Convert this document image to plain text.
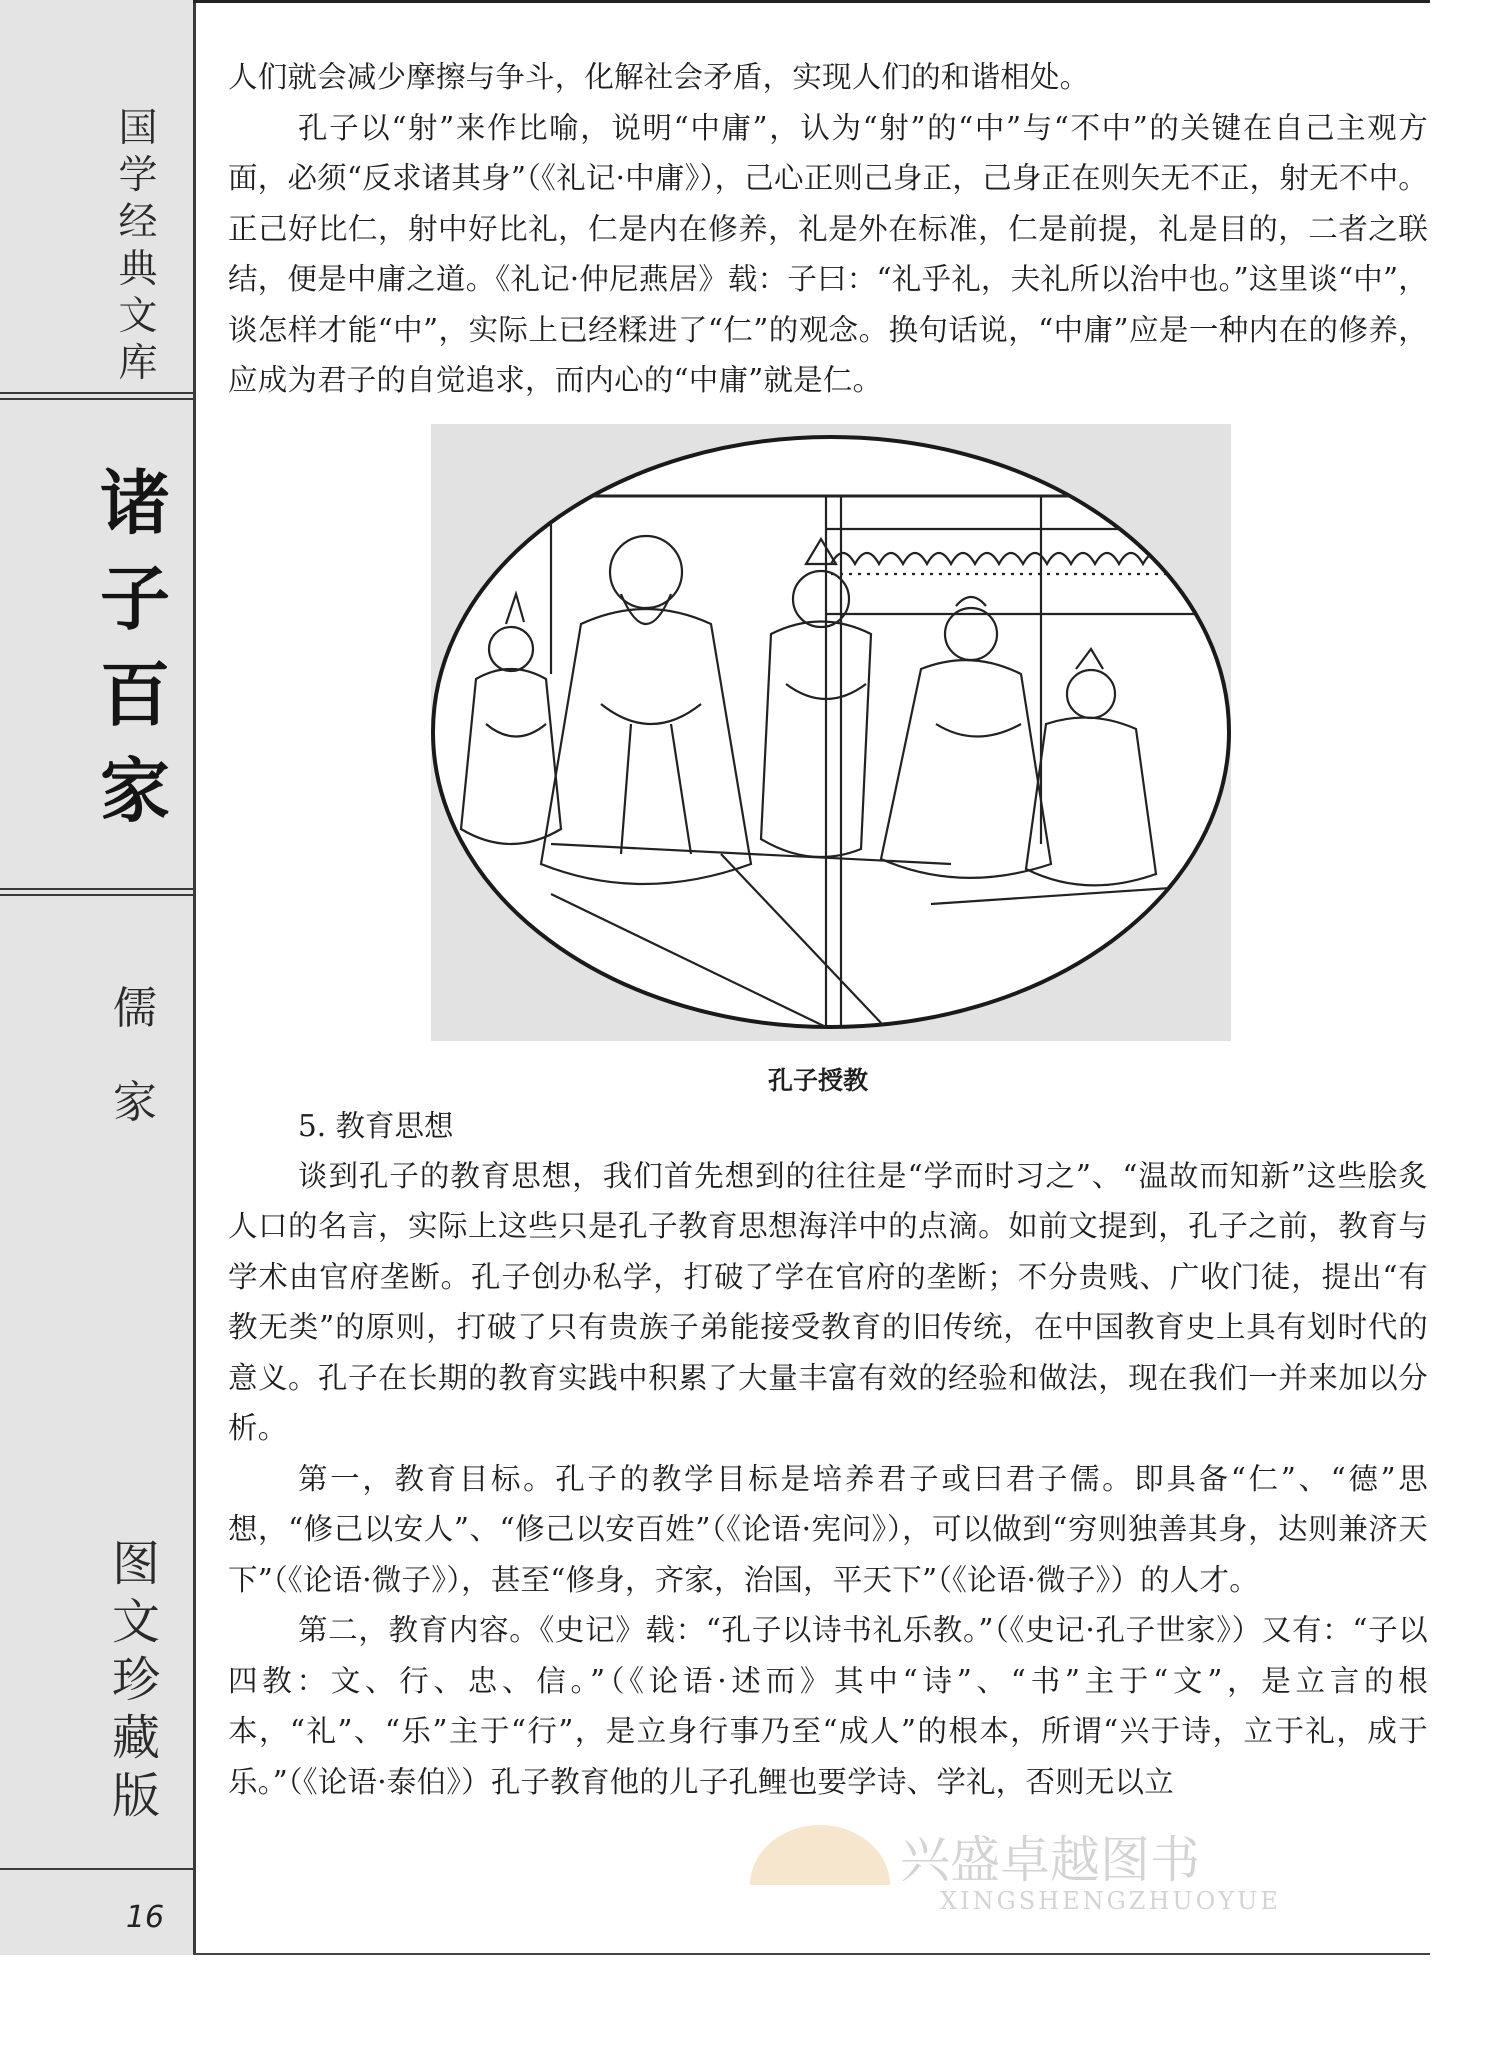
国学经典文库
诸子百家
儒家
图文珍藏版
16

人们就会减少摩擦与争斗，化解社会矛盾，实现人们的和谐相处。

孔子以“射”来作比喻，说明“中庸”，认为“射”的“中”与“不中”的关键在自己主观方面，必须“反求诸其身”（《礼记·中庸》），己心正则己身正，己身正在则矢无不正，射无不中。正己好比仁，射中好比礼，仁是内在修养，礼是外在标准，仁是前提，礼是目的，二者之联结，便是中庸之道。《礼记·仲尼燕居》载：子曰：“礼乎礼，夫礼所以治中也。”这里谈“中”，谈怎样才能“中”，实际上已经糅进了“仁”的观念。换句话说，“中庸”应是一种内在的修养，应成为君子的自觉追求，而内心的“中庸”就是仁。

孔子授教
5. 教育思想

谈到孔子的教育思想，我们首先想到的往往是“学而时习之”、“温故而知新”这些脍炙人口的名言，实际上这些只是孔子教育思想海洋中的点滴。如前文提到，孔子之前，教育与学术由官府垄断。孔子创办私学，打破了学在官府的垄断；不分贵贱、广收门徒，提出“有教无类”的原则，打破了只有贵族子弟能接受教育的旧传统，在中国教育史上具有划时代的意义。孔子在长期的教育实践中积累了大量丰富有效的经验和做法，现在我们一并来加以分析。

第一，教育目标。孔子的教学目标是培养君子或曰君子儒。即具备“仁”、“德”思想，“修己以安人”、“修己以安百姓”（《论语·宪问》），可以做到“穷则独善其身，达则兼济天下”（《论语·微子》），甚至“修身，齐家，治国，平天下”（《论语·微子》）的人才。

第二，教育内容。《史记》载：“孔子以诗书礼乐教。”（《史记·孔子世家》）又有：“子以四教：文、行、忠、信。”（《论语·述而》其中“诗”、“书”主于“文”，是立言的根本，“礼”、“乐”主于“行”，是立身行事乃至“成人”的根本，所谓“兴于诗，立于礼，成于乐。”（《论语·泰伯》）孔子教育他的儿子孔鲤也要学诗、学礼，否则无以立

兴盛卓越图书
XINGSHENGZHUOYUE
